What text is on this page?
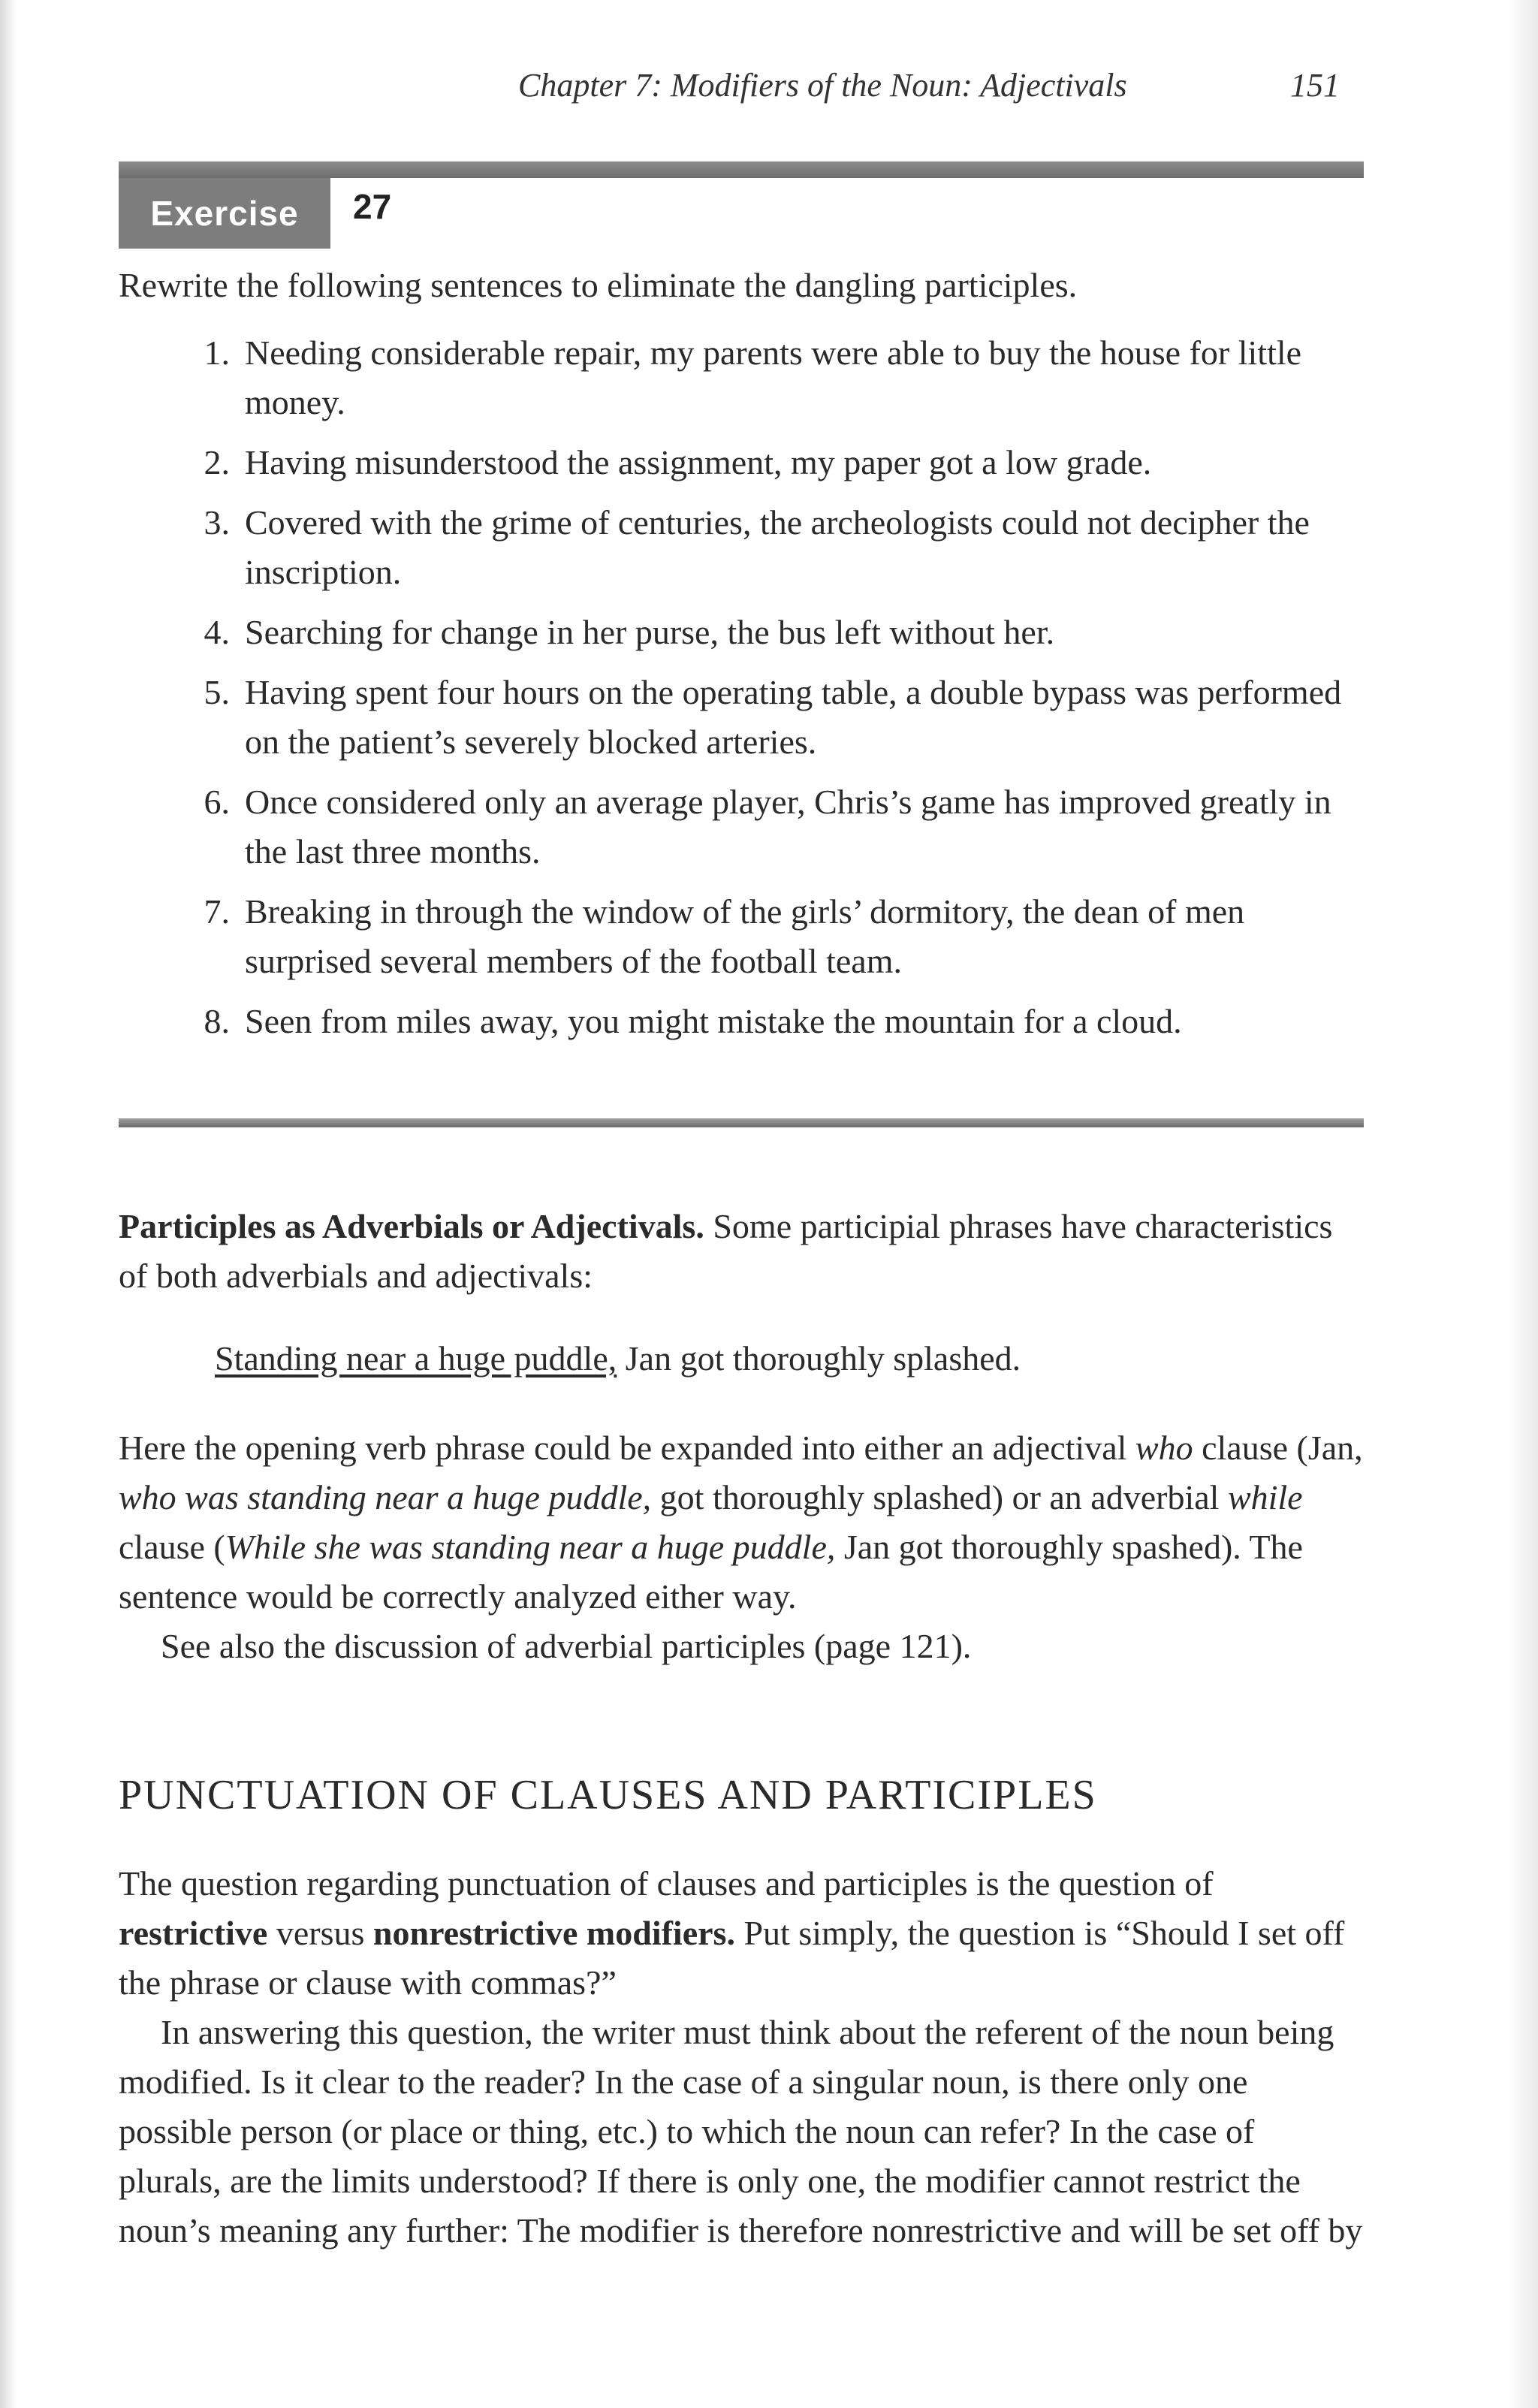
Chapter 7: Modifiers of the Noun: Adjectivals	151
Exercise	27
Rewrite the following sentences to eliminate the dangling participles.
1. Needing considerable repair, my parents were able to buy the house for little money.
2. Having misunderstood the assignment, my paper got a low grade.
3. Covered with the grime of centuries, the archeologists could not decipher the inscription.
4. Searching for change in her purse, the bus left without her.
5. Having spent four hours on the operating table, a double bypass was performed on the patient’s severely blocked arteries.
6. Once considered only an average player, Chris’s game has improved greatly in the last three months.
7. Breaking in through the window of the girls’ dormitory, the dean of men surprised several members of the football team.
8. Seen from miles away, you might mistake the mountain for a cloud.
Participles as Adverbials or Adjectivals. Some participial phrases have characteristics of both adverbials and adjectivals:
Standing near a huge puddle, Jan got thoroughly splashed.
Here the opening verb phrase could be expanded into either an adjectival who clause (Jan, who was standing near a huge puddle, got thoroughly splashed) or an adverbial while clause (While she was standing near a huge puddle, Jan got thoroughly spashed). The sentence would be correctly analyzed either way.
See also the discussion of adverbial participles (page 121).
PUNCTUATION OF CLAUSES AND PARTICIPLES

The question regarding punctuation of clauses and participles is the question of restrictive versus nonrestrictive modifiers. Put simply, the question is “Should I set off the phrase or clause with commas?”

In answering this question, the writer must think about the referent of the noun being modified. Is it clear to the reader? In the case of a singular noun, is there only one possible person (or place or thing, etc.) to which the noun can refer? In the case of plurals, are the limits understood? If there is only one, the modifier cannot restrict the noun’s meaning any further: The modifier is therefore nonrestrictive and will be set off by
